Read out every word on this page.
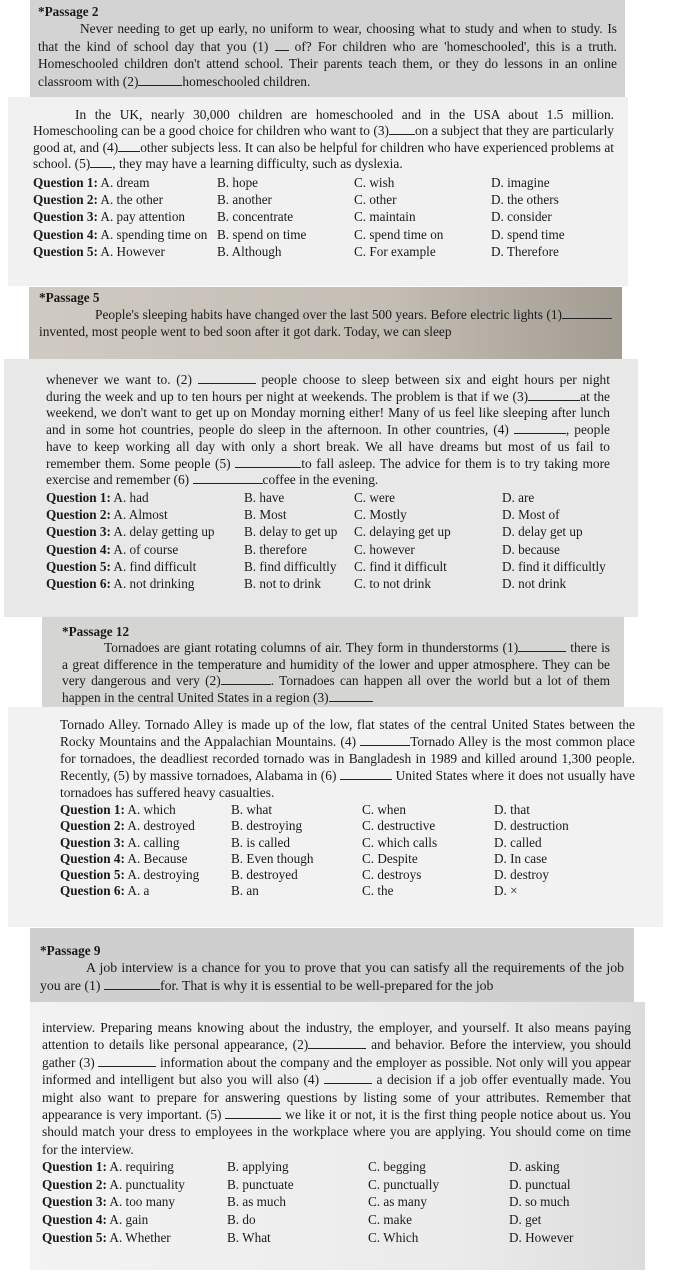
*Passage 2

Never needing to get up early, no uniform to wear, choosing what to study and when to study. Is that the kind of school day that you (1) of? For children who are 'homeschooled', this is a truth. Homeschooled children don't attend school. Their parents teach them, or they do lessons in an online classroom with (2)	homeschooled children.

In the UK, nearly 30,000 children are homeschooled and in the USA about 1.5 million. Homeschooling can be a good choice for children who want to (3) on a subject that they are particularly good at, and (4) other subjects less. It can also be helpful for children who have experienced problems at school. (5) , they may have a learning difficulty, such as dyslexia.

Question 1: A. dream	B. hope	C. wish	D. imagine
Question 2: A. the other	B. another	C. other	D. the others
Question 3: A. pay attention	B. concentrate	C. maintain	D. consider
Question 4: A. spending time on B. spend on time	C. spend time on	D. spend time
Question 5: A. However	B. Although	C. For example	D. Therefore
*Passage 5

People's sleeping habits have changed over the last 500 years. Before electric lights (1) invented, most people went to bed soon after it got dark. Today, we can sleep

whenever we want to. (2)	people choose to sleep between six and eight hours per night during the week and up to ten hours per night at weekends. The problem is that if we (3)	at the weekend, we don't want to get up on Monday morning either! Many of us feel like sleeping after lunch and in some hot countries, people do sleep in the afternoon. In other countries, (4)	, people have to keep working all day with only a short break. We all have dreams but most of us fail to remember them. Some people (5)	to fall asleep. The advice for them is to try taking more exercise and remember (6)	coffee in the evening.

Question 1: A. had	B. have	C. were	D. are
Question 2: A. Almost	B. Most	C. Mostly	D. Most of
Question 3: A. delay getting up	B. delay to get up	C. delaying get up	D. delay get up
Question 4: A. of course	B. therefore	C. however	D. because
Question 5: A. find difficult	B. find difficultly	C. find it difficult	D. find it difficultly
Question 6: A. not drinking	B. not to drink	C. to not drink	D. not drink
*Passage 12

Tornadoes are giant rotating columns of air. They form in thunderstorms (1)	there is a great difference in the temperature and humidity of the lower and upper atmosphere. They can be very dangerous and very (2)	. Tornadoes can happen all over the world but a lot of them happen in the central United States in a region (3)

Tornado Alley. Tornado Alley is made up of the low, flat states of the central United States between the Rocky Mountains and the Appalachian Mountains. (4)	Tornado Alley is the most common place for tornadoes, the deadliest recorded tornado was in Bangladesh in 1989 and killed around 1,300 people. Recently, (5) by massive tornadoes, Alabama in (6)	United States where it does not usually have tornadoes has suffered heavy casualties.

Question 1: A. which	B. what	C. when	D. that
Question 2: A. destroyed	B. destroying	C. destructive	D. destruction
Question 3: A. calling	B. is called	C. which calls	D. called
Question 4: A. Because	B. Even though	C. Despite	D. In case
Question 5: A. destroying	B. destroyed	C. destroys	D. destroy
Question 6: A. a	B. an	C. the	D. ×
*Passage 9

A job interview is a chance for you to prove that you can satisfy all the requirements of the job you are (1)	for. That is why it is essential to be well-prepared for the job

interview. Preparing means knowing about the industry, the employer, and yourself. It also means paying attention to details like personal appearance, (2)	and behavior. Before the interview, you should gather (3)	information about the company and the employer as possible. Not only will you appear informed and intelligent but also you will also (4)	a decision if a job offer eventually made. You might also want to prepare for answering questions by listing some of your attributes. Remember that appearance is very important. (5)	we like it or not, it is the first thing people notice about us. You should match your dress to employees in the workplace where you are applying. You should come on time for the interview.

Question 1: A. requiring	B. applying	C. begging	D. asking
Question 2: A. punctuality	B. punctuate	C. punctually	D. punctual
Question 3: A. too many	B. as much	C. as many	D. so much
Question 4: A. gain	B. do	C. make	D. get
Question 5: A. Whether	B. What	C. Which	D. However
